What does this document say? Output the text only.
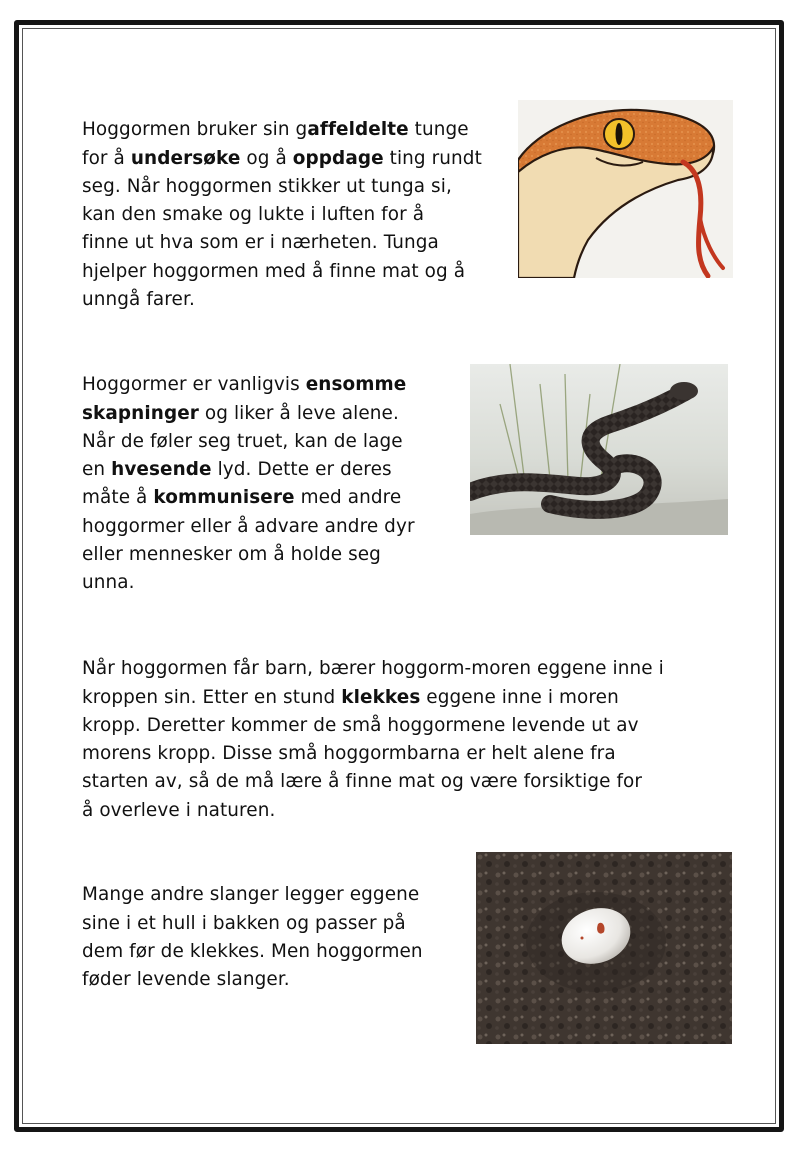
Hoggormen bruker sin gaffeldelte tunge
for å undersøke og å oppdage ting rundt
seg. Når hoggormen stikker ut tunga si,
kan den smake og lukte i luften for å
finne ut hva som er i nærheten. Tunga
hjelper hoggormen med å finne mat og å
unngå farer.

Hoggormer er vanligvis ensomme
skapninger og liker å leve alene.
Når de føler seg truet, kan de lage
en hvesende lyd. Dette er deres
måte å kommunisere med andre
hoggormer eller å advare andre dyr
eller mennesker om å holde seg
unna.

Når hoggormen får barn, bærer hoggorm-moren eggene inne i
kroppen sin. Etter en stund klekkes eggene inne i moren
kropp. Deretter kommer de små hoggormene levende ut av
morens kropp. Disse små hoggormbarna er helt alene fra
starten av, så de må lære å finne mat og være forsiktige for
å overleve i naturen.

Mange andre slanger legger eggene
sine i et hull i bakken og passer på
dem før de klekkes. Men hoggormen
føder levende slanger.
